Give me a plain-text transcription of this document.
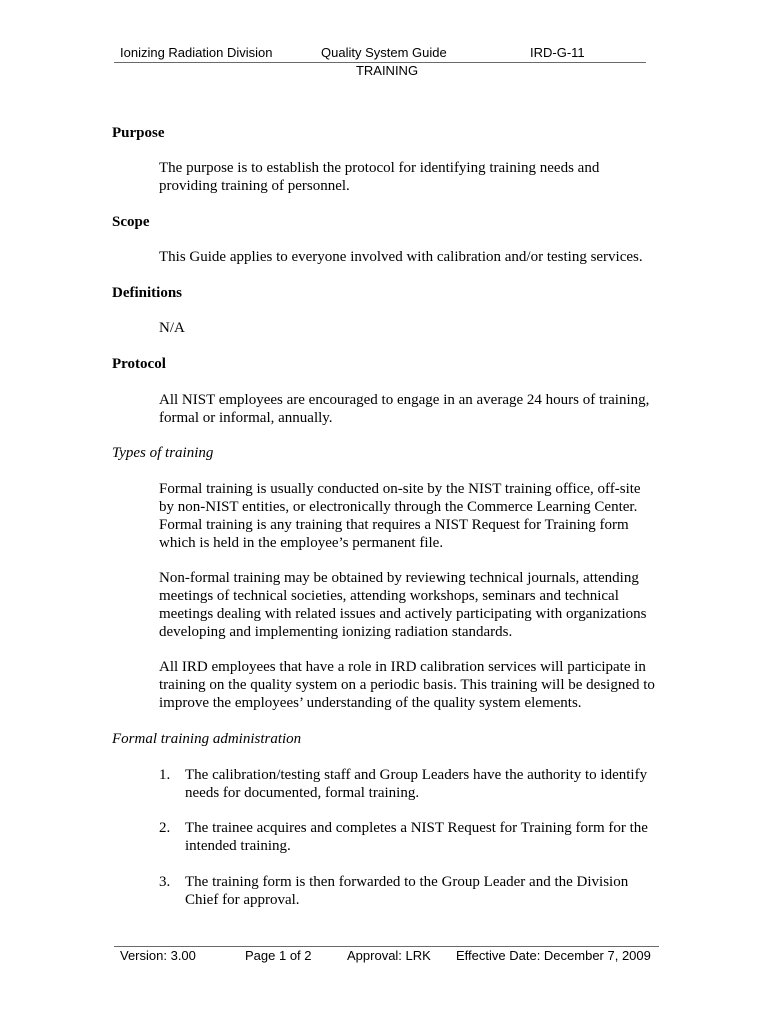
Ionizing Radiation Division	Quality System Guide	IRD-G-11
TRAINING
Purpose
The purpose is to establish the protocol for identifying training needs and providing training of personnel.
Scope
This Guide applies to everyone involved with calibration and/or testing services.
Definitions
N/A
Protocol
All NIST employees are encouraged to engage in an average 24 hours of training, formal or informal, annually.
Types of training
Formal training is usually conducted on-site by the NIST training office, off-site by non-NIST entities, or electronically through the Commerce Learning Center. Formal training is any training that requires a NIST Request for Training form which is held in the employee’s permanent file.
Non-formal training may be obtained by reviewing technical journals, attending meetings of technical societies, attending workshops, seminars and technical meetings dealing with related issues and actively participating with organizations developing and implementing ionizing radiation standards.
All IRD employees that have a role in IRD calibration services will participate in training on the quality system on a periodic basis. This training will be designed to improve the employees’ understanding of the quality system elements.
Formal training administration
1. The calibration/testing staff and Group Leaders have the authority to identify needs for documented, formal training.
2. The trainee acquires and completes a NIST Request for Training form for the intended training.
3. The training form is then forwarded to the Group Leader and the Division Chief for approval.
Version: 3.00	Page 1 of 2	Approval: LRK Effective Date: December 7, 2009
